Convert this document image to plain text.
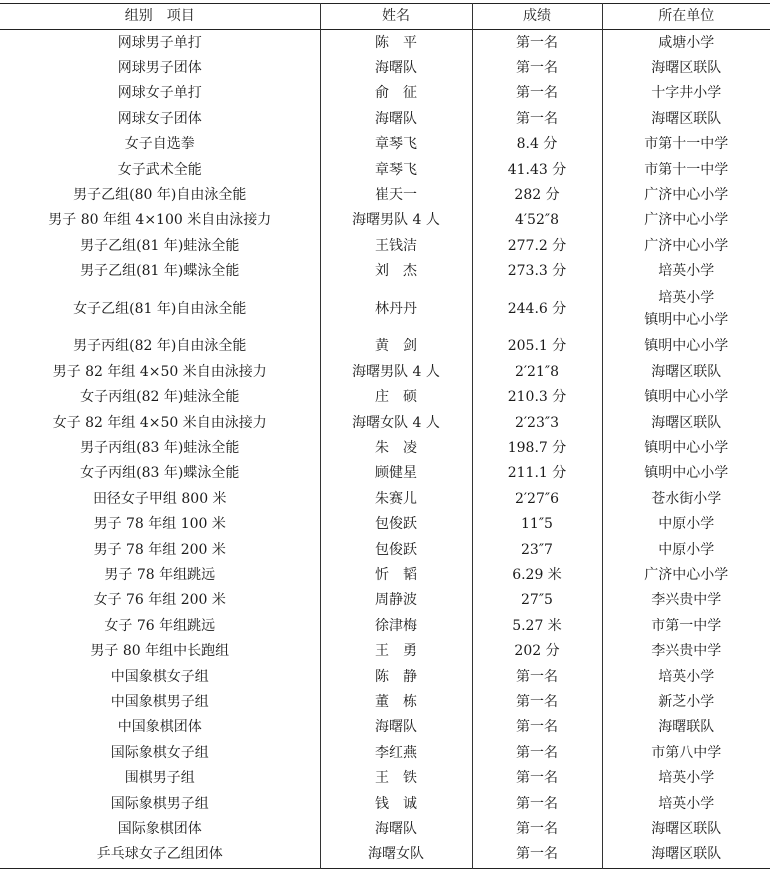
组别　项目	姓名	成绩	所在单位
网球男子单打	陈　平	第一名	咸塘小学

网球男子团体	海曙队	第一名	海曙区联队

网球女子单打	俞　征	第一名	十字井小学

网球女子团体	海曙队	第一名	海曙区联队

女子自选拳	章琴飞	8.4 分	市第十一中学

女子武术全能	章琴飞	41.43 分	市第十一中学

男子乙组(80 年)自由泳全能	崔天一	282 分	广济中心小学

男子 80 年组 4×100 米自由泳接力	海曙男队 4 人	4′52″8	广济中心小学

男子乙组(81 年)蛙泳全能	王钱洁	277.2 分	广济中心小学

男子乙组(81 年)蝶泳全能	刘　杰	273.3 分	培英小学

女子乙组(81 年)自由泳全能	林丹丹	244.6 分	培英小学
镇明中心小学

男子丙组(82 年)自由泳全能	黄　剑	205.1 分	镇明中心小学

男子 82 年组 4×50 米自由泳接力	海曙男队 4 人	2′21″8	海曙区联队

女子丙组(82 年)蛙泳全能	庄　硕	210.3 分	镇明中心小学

女子 82 年组 4×50 米自由泳接力	海曙女队 4 人	2′23″3	海曙区联队

男子丙组(83 年)蛙泳全能	朱　凌	198.7 分	镇明中心小学

女子丙组(83 年)蝶泳全能	顾健星	211.1 分	镇明中心小学

田径女子甲组 800 米	朱赛儿	2′27″6	苍水街小学

男子 78 年组 100 米	包俊跃	11″5	中原小学

男子 78 年组 200 米	包俊跃	23″7	中原小学

男子 78 年组跳远	忻　韬	6.29 米	广济中心小学

女子 76 年组 200 米	周静波	27″5	李兴贵中学

女子 76 年组跳远	徐津梅	5.27 米	市第一中学

男子 80 年组中长跑组	王　勇	202 分	李兴贵中学

中国象棋女子组	陈　静	第一名	培英小学

中国象棋男子组	董　栋	第一名	新芝小学

中国象棋团体	海曙队	第一名	海曙联队

国际象棋女子组	李红燕	第一名	市第八中学

围棋男子组	王　铁	第一名	培英小学

国际象棋男子组	钱　诚	第一名	培英小学

国际象棋团体	海曙队	第一名	海曙区联队

乒乓球女子乙组团体	海曙女队	第一名	海曙区联队
